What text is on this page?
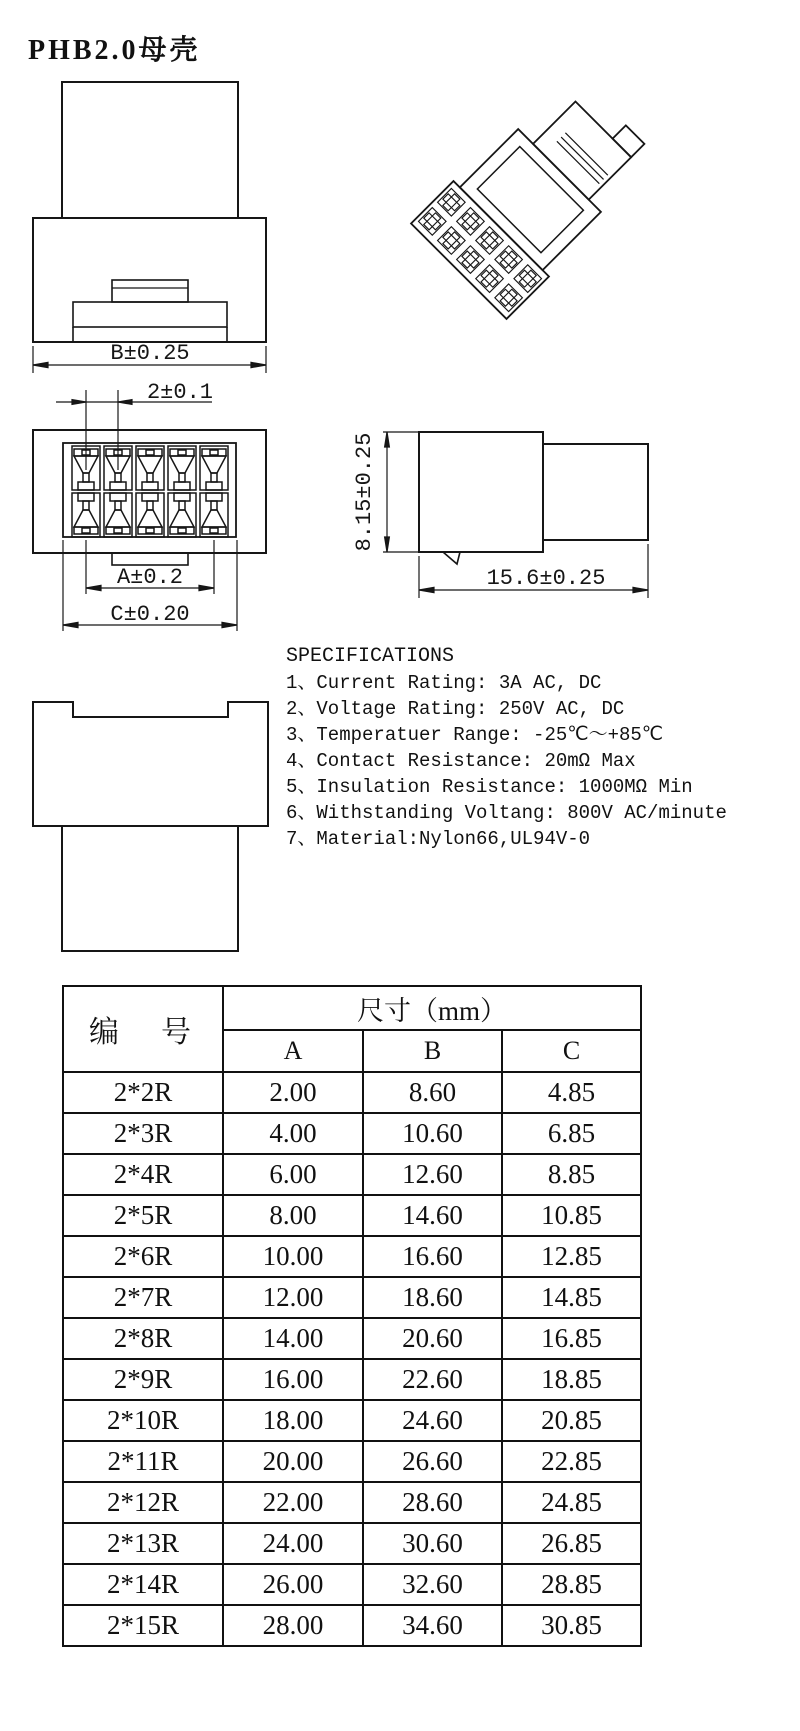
PHB2.0母壳
B±0.25
2±0.1
A±0.2
C±0.20
8.15±0.25
15.6±0.25
SPECIFICATIONS
1、Current Rating: 3A AC, DC
2、Voltage Rating: 250V AC, DC
3、Temperatuer Range: -25℃～+85℃
4、Contact Resistance: 20mΩ Max
5、Insulation Resistance: 1000MΩ Min
6、Withstanding Voltang: 800V AC/minute
7、Material:Nylon66,UL94V-0
编　号	尺寸（mm）		
	A	B	C
2*2R	2.00	8.60	4.85
2*3R	4.00	10.60	6.85
2*4R	6.00	12.60	8.85
2*5R	8.00	14.60	10.85
2*6R	10.00	16.60	12.85
2*7R	12.00	18.60	14.85
2*8R	14.00	20.60	16.85
2*9R	16.00	22.60	18.85
2*10R	18.00	24.60	20.85
2*11R	20.00	26.60	22.85
2*12R	22.00	28.60	24.85
2*13R	24.00	30.60	26.85
2*14R	26.00	32.60	28.85
2*15R	28.00	34.60	30.85
